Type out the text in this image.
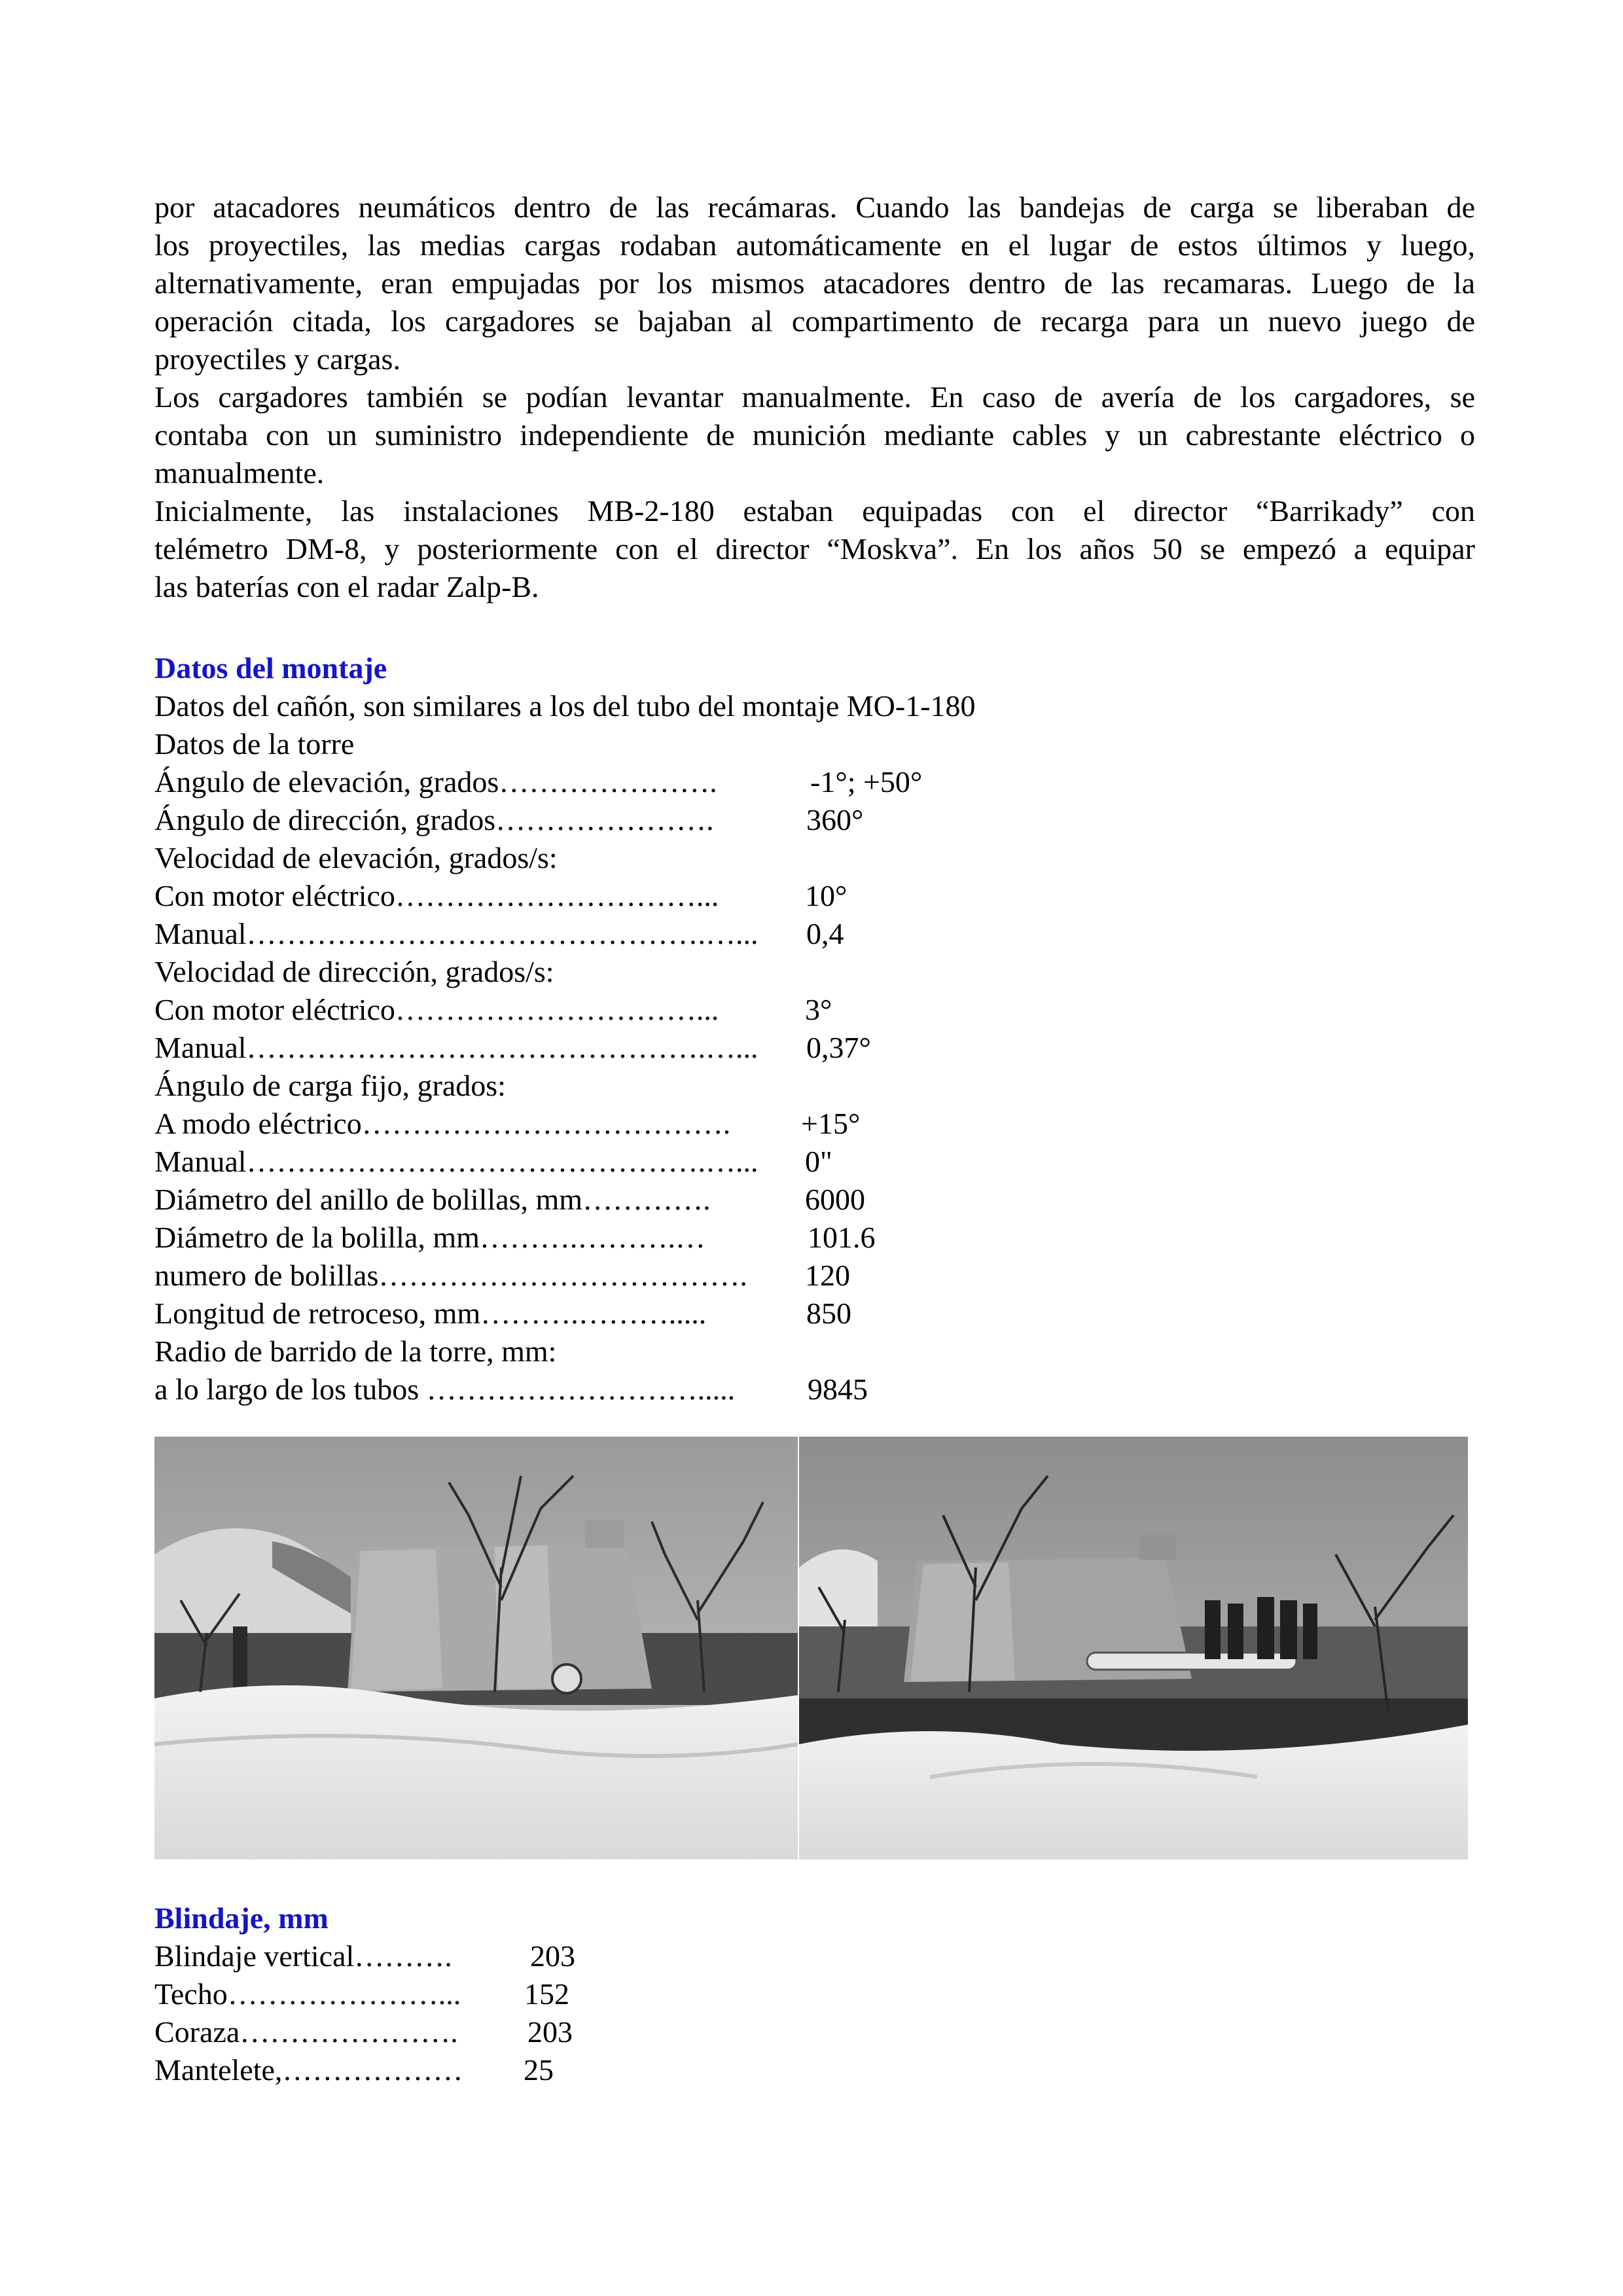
por atacadores neumáticos dentro de las recámaras. Cuando las bandejas de carga se liberaban de
los proyectiles, las medias cargas rodaban automáticamente en el lugar de estos últimos y luego,
alternativamente, eran empujadas por los mismos atacadores dentro de las recamaras. Luego de la
operación citada, los cargadores se bajaban al compartimento de recarga para un nuevo juego de
proyectiles y cargas.
Los cargadores también se podían levantar manualmente. En caso de avería de los cargadores, se
contaba con un suministro independiente de munición mediante cables y un cabrestante eléctrico o
manualmente.
Inicialmente, las instalaciones MB-2-180 estaban equipadas con el director “Barrikady” con
telémetro DM-8, y posteriormente con el director “Moskva”. En los años 50 se empezó a equipar
las baterías con el radar Zalp-B.
Datos del montaje
Datos del cañón, son similares a los del tubo del montaje MO-1-180
Datos de la torre
Ángulo de elevación, grados………………….	-1°; +50°
Ángulo de dirección, grados………………….	360°
Velocidad de elevación, grados/s:
Con motor eléctrico…………………………...	10°
Manual……………………………………….…... 0,4
Velocidad de dirección, grados/s:
Con motor eléctrico…………………………...	3°
Manual……………………………………….…... 0,37°
Ángulo de carga fijo, grados:
A modo eléctrico………………………………. +15°
Manual……………………………………….…... 0"
Diámetro del anillo de bolillas, mm………….	6000
Diámetro de la bolilla, mm……….……….…	101.6
numero de bolillas………………………………. 120
Longitud de retroceso, mm……….……….....	850
Radio de barrido de la torre, mm:
a lo largo de los tubos ………………………..... 9845
Blindaje, mm
Blindaje vertical……….	203
Techo…………………... 152
Coraza…………………. 203
Mantelete,……………… 25
